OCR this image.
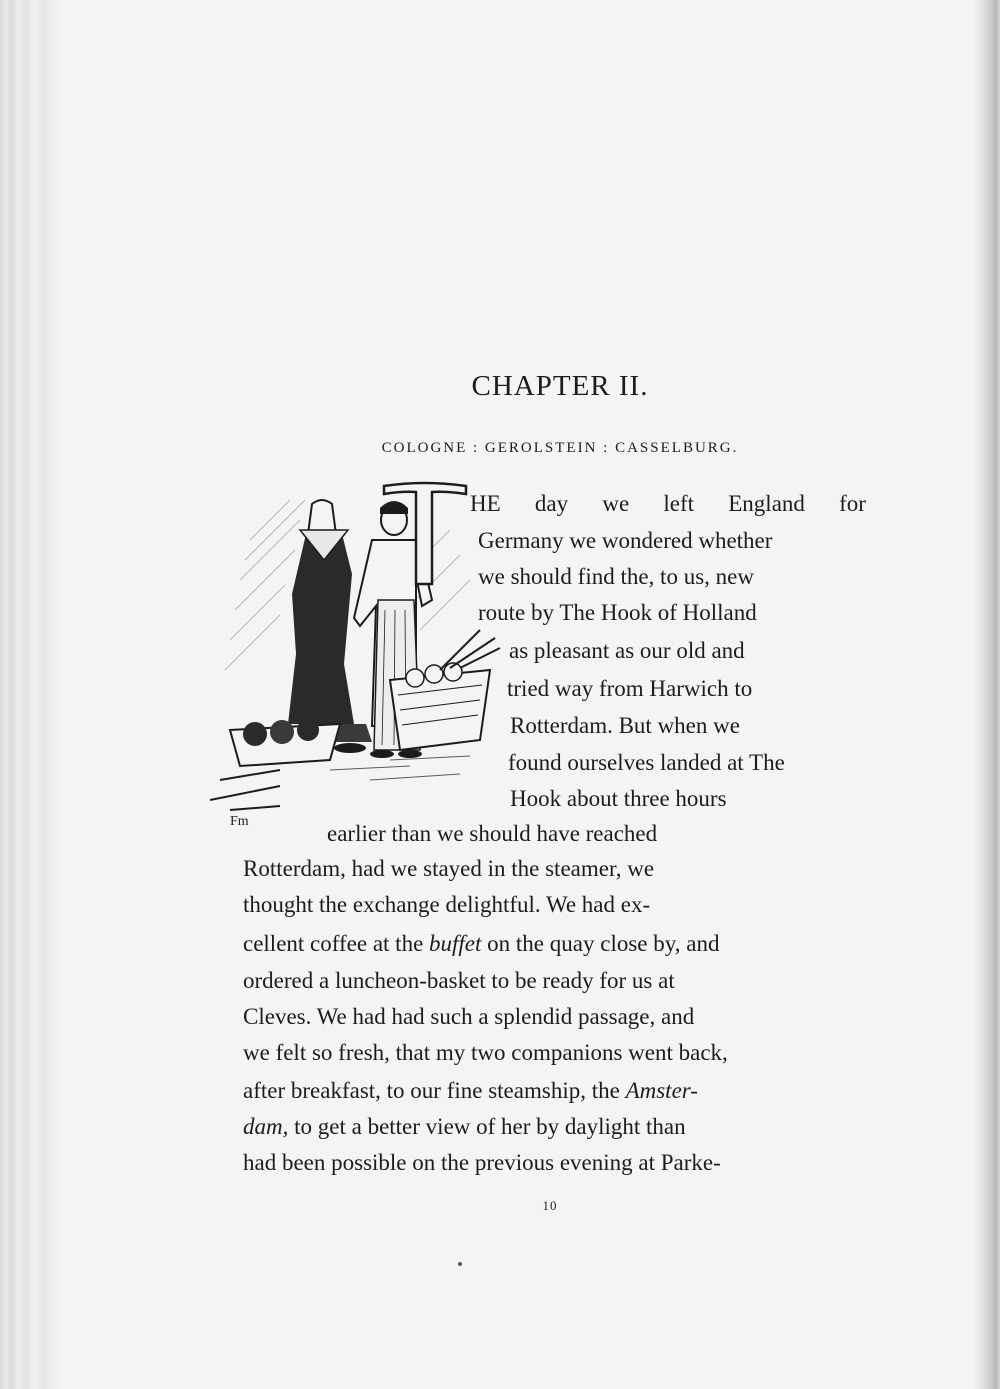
CHAPTER II.

COLOGNE : GEROLSTEIN : CASSELBURG.

Fm
HE day we left England for
Germany we wondered whether
we should find the, to us, new
route by The Hook of Holland
as pleasant as our old and
tried way from Harwich to
Rotterdam. But when we
found ourselves landed at The
Hook about three hours
earlier than we should have reached
Rotterdam, had we stayed in the steamer, we
thought the exchange delightful. We had ex-
cellent coffee at the buffet on the quay close by, and
ordered a luncheon-basket to be ready for us at
Cleves. We had had such a splendid passage, and
we felt so fresh, that my two companions went back,
after breakfast, to our fine steamship, the Amster-
dam, to get a better view of her by daylight than
had been possible on the previous evening at Parke-
10
